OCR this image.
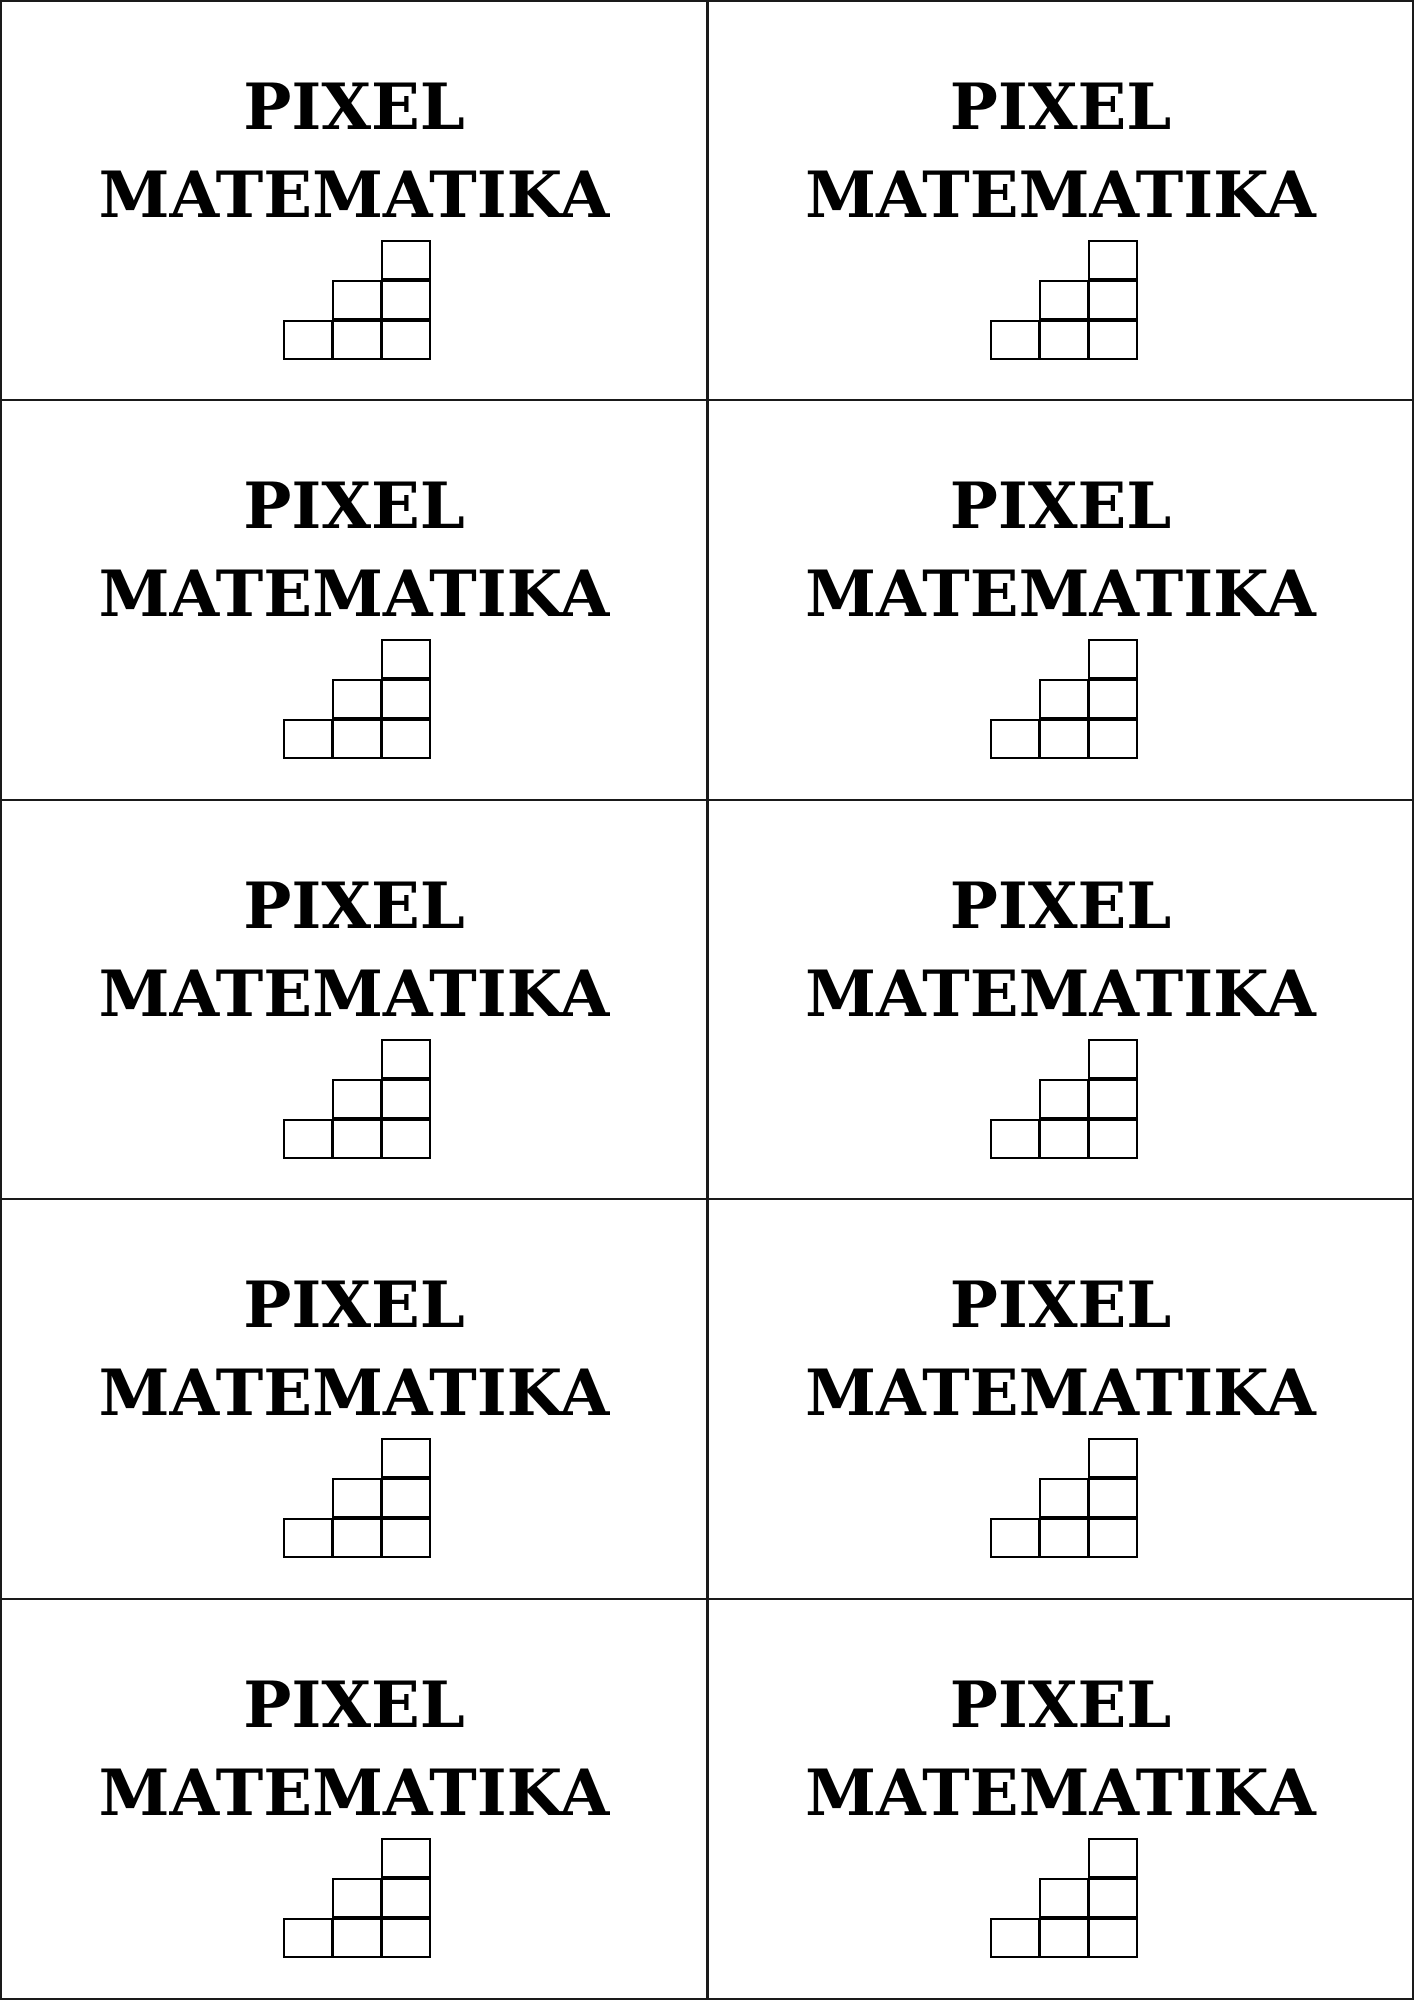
PIXEL
MATEMATIKA
PIXEL
MATEMATIKA
PIXEL
MATEMATIKA
PIXEL
MATEMATIKA
PIXEL
MATEMATIKA
PIXEL
MATEMATIKA
PIXEL
MATEMATIKA
PIXEL
MATEMATIKA
PIXEL
MATEMATIKA
PIXEL
MATEMATIKA
